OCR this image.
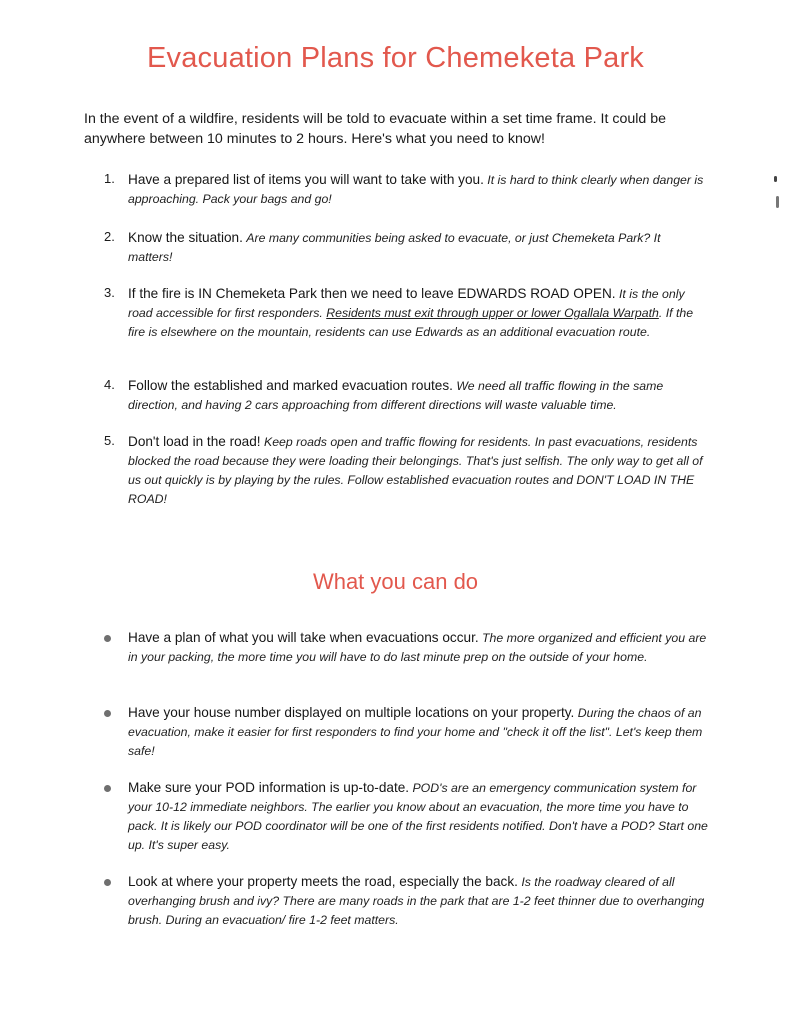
Evacuation Plans for Chemeketa Park

In the event of a wildfire, residents will be told to evacuate within a set time frame. It could be anywhere between 10 minutes to 2 hours. Here's what you need to know!

1. Have a prepared list of items you will want to take with you. It is hard to think clearly when danger is approaching. Pack your bags and go!
2. Know the situation. Are many communities being asked to evacuate, or just Chemeketa Park? It matters!
3. If the fire is IN Chemeketa Park then we need to leave EDWARDS ROAD OPEN. It is the only road accessible for first responders. Residents must exit through upper or lower Ogallala Warpath. If the fire is elsewhere on the mountain, residents can use Edwards as an additional evacuation route.
4. Follow the established and marked evacuation routes. We need all traffic flowing in the same direction, and having 2 cars approaching from different directions will waste valuable time.
5. Don't load in the road! Keep roads open and traffic flowing for residents. In past evacuations, residents blocked the road because they were loading their belongings. That's just selfish. The only way to get all of us out quickly is by playing by the rules. Follow established evacuation routes and DON'T LOAD IN THE ROAD!
What you can do
Have a plan of what you will take when evacuations occur. The more organized and efficient you are in your packing, the more time you will have to do last minute prep on the outside of your home.
Have your house number displayed on multiple locations on your property. During the chaos of an evacuation, make it easier for first responders to find your home and "check it off the list". Let's keep them safe!
Make sure your POD information is up-to-date. POD's are an emergency communication system for your 10-12 immediate neighbors. The earlier you know about an evacuation, the more time you have to pack. It is likely our POD coordinator will be one of the first residents notified. Don't have a POD? Start one up. It's super easy.
Look at where your property meets the road, especially the back. Is the roadway cleared of all overhanging brush and ivy? There are many roads in the park that are 1-2 feet thinner due to overhanging brush. During an evacuation/ fire 1-2 feet matters.
